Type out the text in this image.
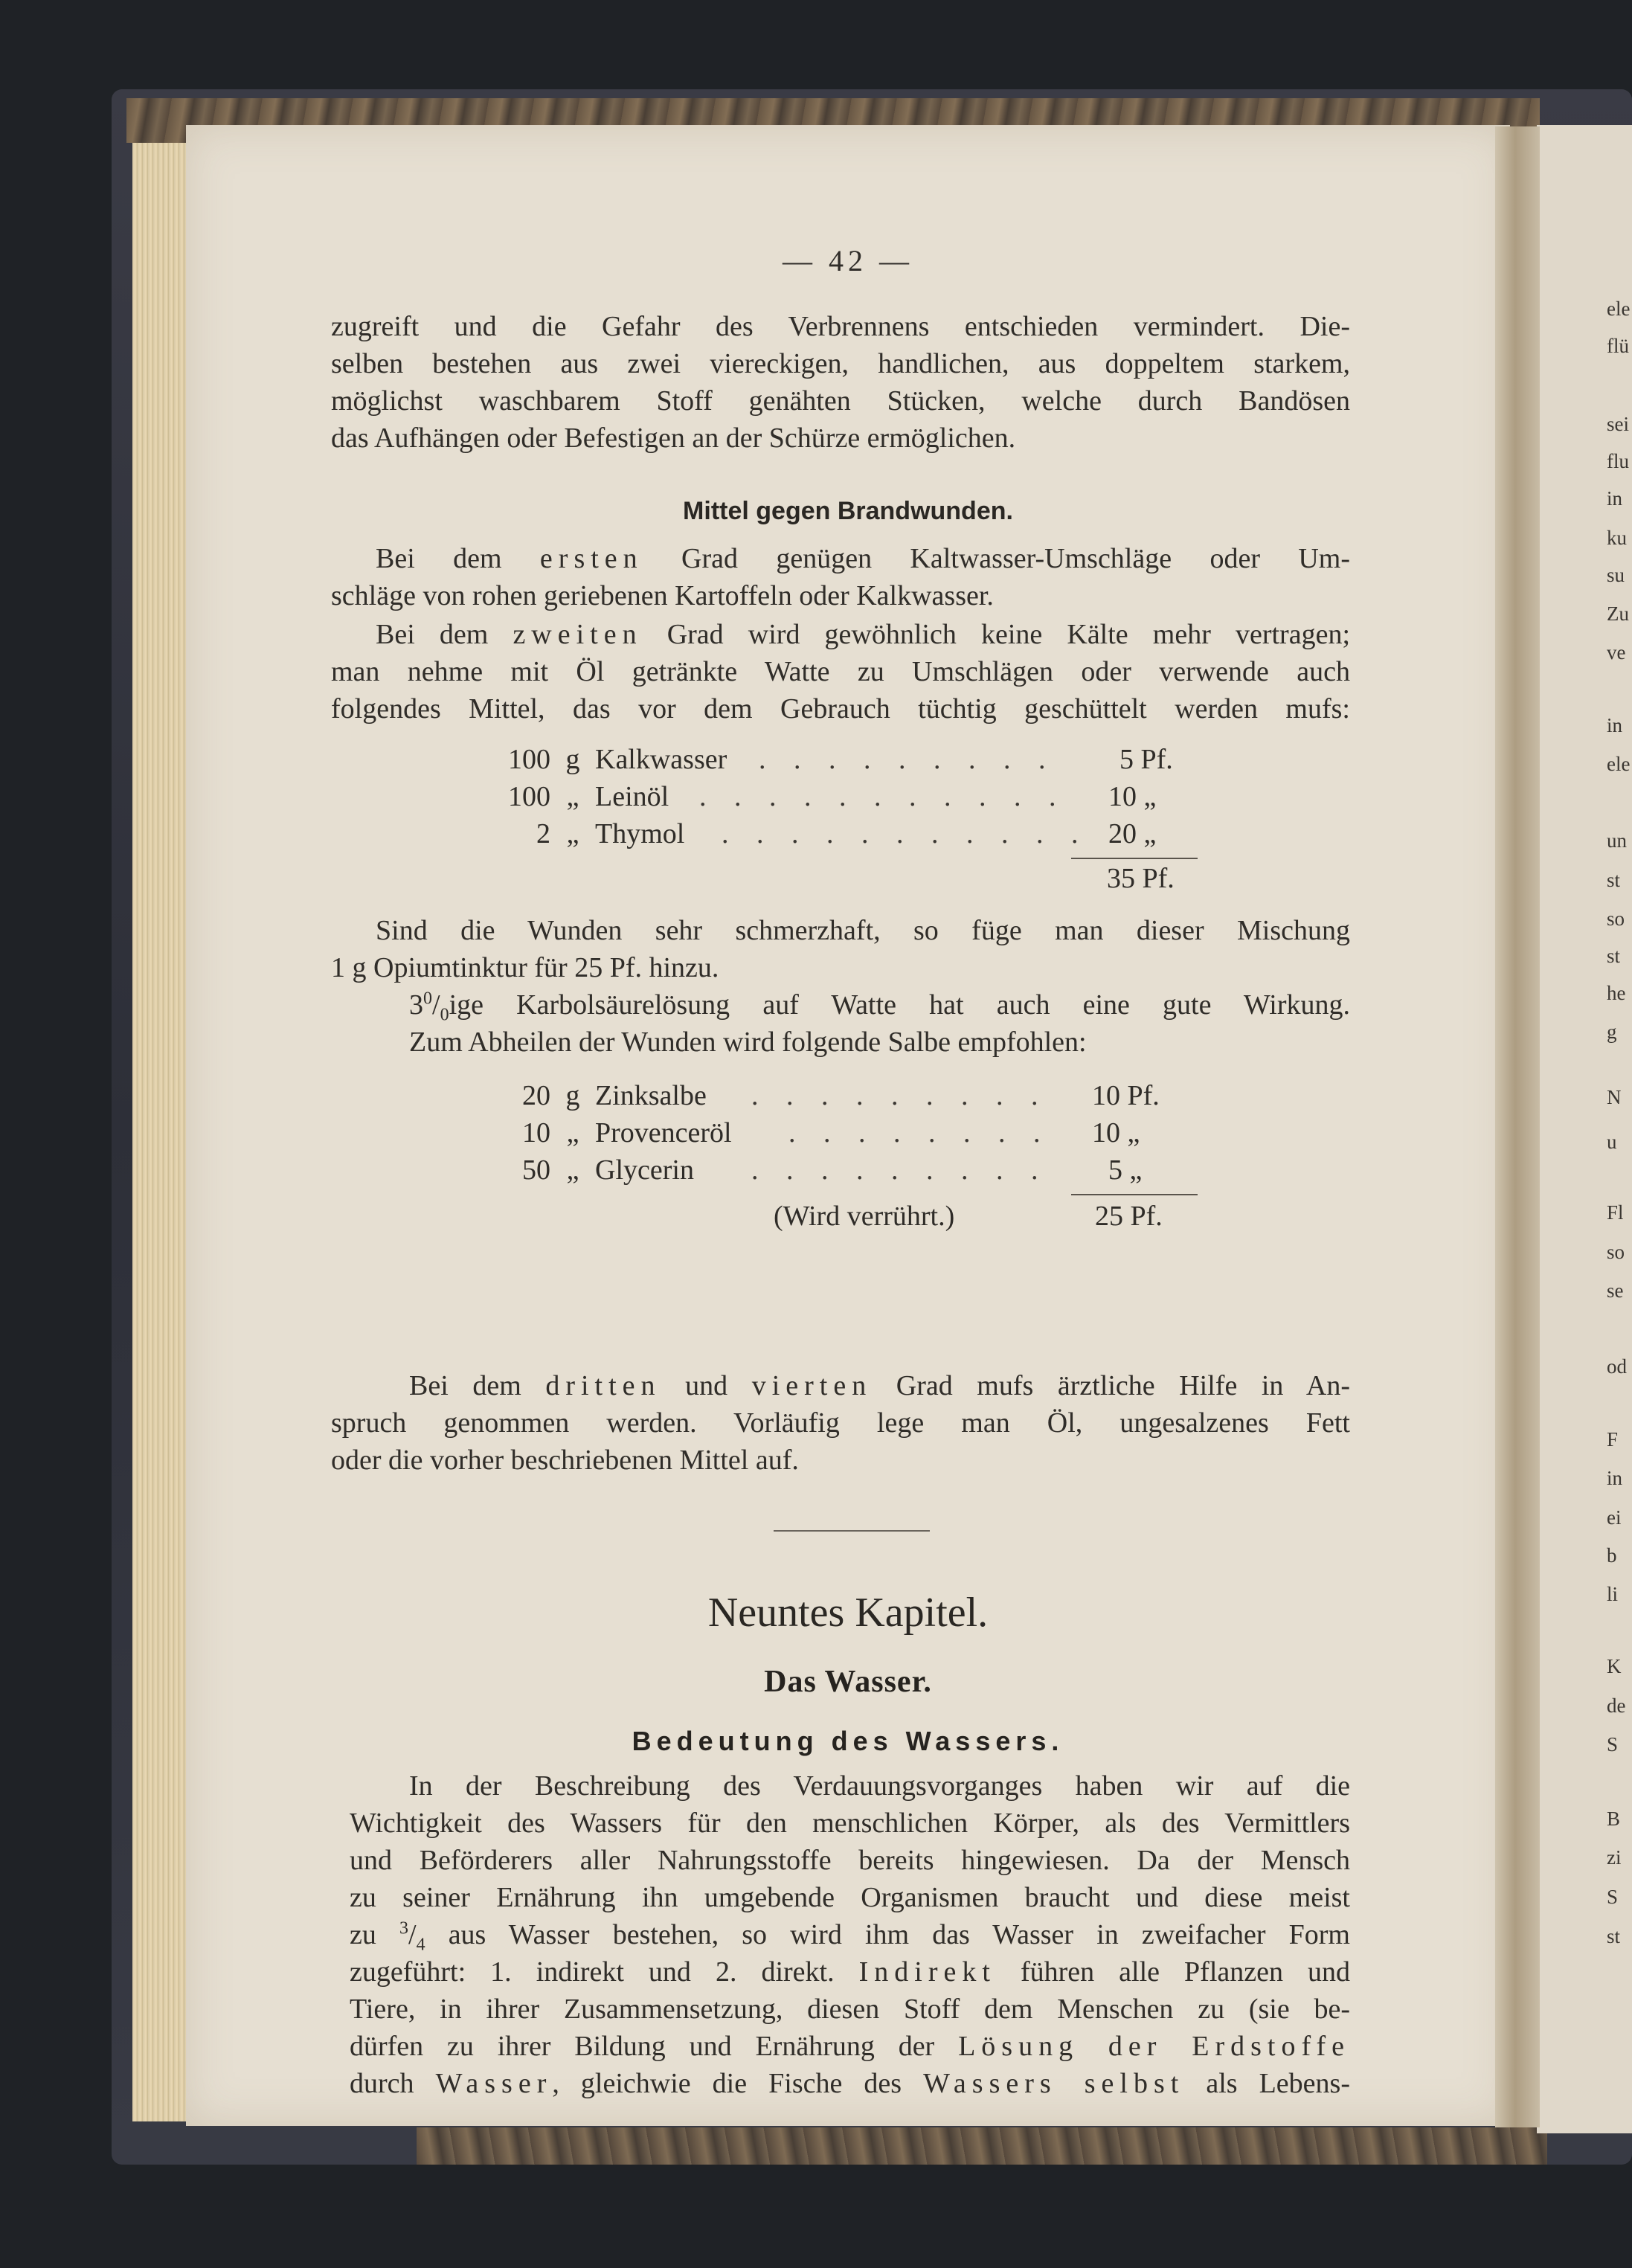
— 42 —
zugreift und die Gefahr des Verbrennens entschieden vermindert. Die-
selben bestehen aus zwei viereckigen, handlichen, aus doppeltem starkem,
möglichst waschbarem Stoff genähten Stücken, welche durch Bandösen
das Aufhängen oder Befestigen an der Schürze ermöglichen.
Mittel gegen Brandwunden.
Bei dem ersten Grad genügen Kaltwasser-Umschläge oder Um-
schläge von rohen geriebenen Kartoffeln oder Kalkwasser.
Bei dem zweiten Grad wird gewöhnlich keine Kälte mehr vertragen;
man nehme mit Öl getränkte Watte zu Umschlägen oder verwende auch
folgendes Mittel, das vor dem Gebrauch tüchtig geschüttelt werden mufs:
100 g Kalkwasser . . . . . . . . . 5 Pf.
100 „ Leinöl . . . . . . . . . . . 10 „
2 „ Thymol . . . . . . . . . . . 20 „
35 Pf.
Sind die Wunden sehr schmerzhaft, so füge man dieser Mischung
1 g Opiumtinktur für 25 Pf. hinzu.
$3^0/_0ige$ Karbolsäurelösung auf Watte hat auch eine gute Wirkung.
Zum Abheilen der Wunden wird folgende Salbe empfohlen:
20 g Zinksalbe . . . . . . . . . 10 Pf.
10 „ Provenceröl . . . . . . . . 10 „
50 „ Glycerin . . . . . . . . . 5 „
(Wird verrührt.)	25 Pf.
Bei dem dritten und vierten Grad mufs ärztliche Hilfe in An-
spruch genommen werden. Vorläufig lege man Öl, ungesalzenes Fett
oder die vorher beschriebenen Mittel auf.
Neuntes Kapitel.
Das Wasser.
Bedeutung des Wassers.
In der Beschreibung des Verdauungsvorganges haben wir auf die
Wichtigkeit des Wassers für den menschlichen Körper, als des Vermittlers
und Beförderers aller Nahrungsstoffe bereits hingewiesen. Da der Mensch
zu seiner Ernährung ihn umgebende Organismen braucht und diese meist
zu $^3/_4$ aus Wasser bestehen, so wird ihm das Wasser in zweifacher Form
zugeführt: 1. indirekt und 2. direkt. Indirekt führen alle Pflanzen und
Tiere, in ihrer Zusammensetzung, diesen Stoff dem Menschen zu (sie be-
dürfen zu ihrer Bildung und Ernährung der Lösung der Erdstoffe
durch Wasser, gleichwie die Fische des Wassers selbst als Lebens-
ele
flü
sei
flu
in
ku
su
Zu
ve
in
ele
un
st
so
st
he
g
N
u
Fl
so
se
od
F
in
ei
b
li
K
de
S
B
zi
S
st
